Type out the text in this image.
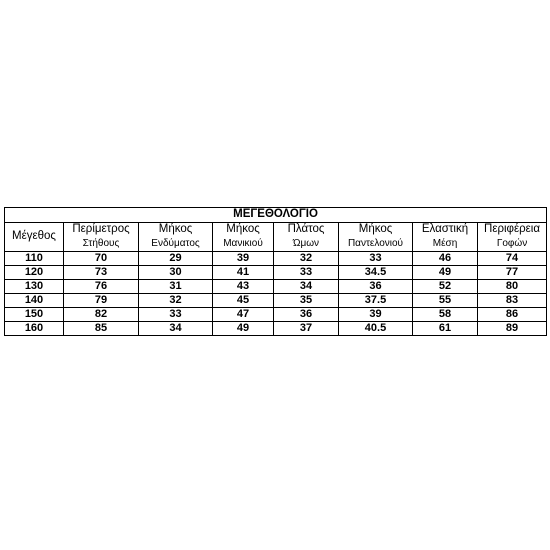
ΜΕΓΕΘΟΛΟΓΙΟ							
Μέγεθος	Περίμετρος	Μήκος	Μήκος	Πλάτος	Μήκος	Ελαστική	Περιφέρεια
	Στήθους	Ενδύματος	Μανικιού	Ώμων	Παντελονιού	Μέση	Γοφών
110	70	29	39	32	33	46	74
120	73	30	41	33	34.5	49	77
130	76	31	43	34	36	52	80
140	79	32	45	35	37.5	55	83
150	82	33	47	36	39	58	86
160	85	34	49	37	40.5	61	89
